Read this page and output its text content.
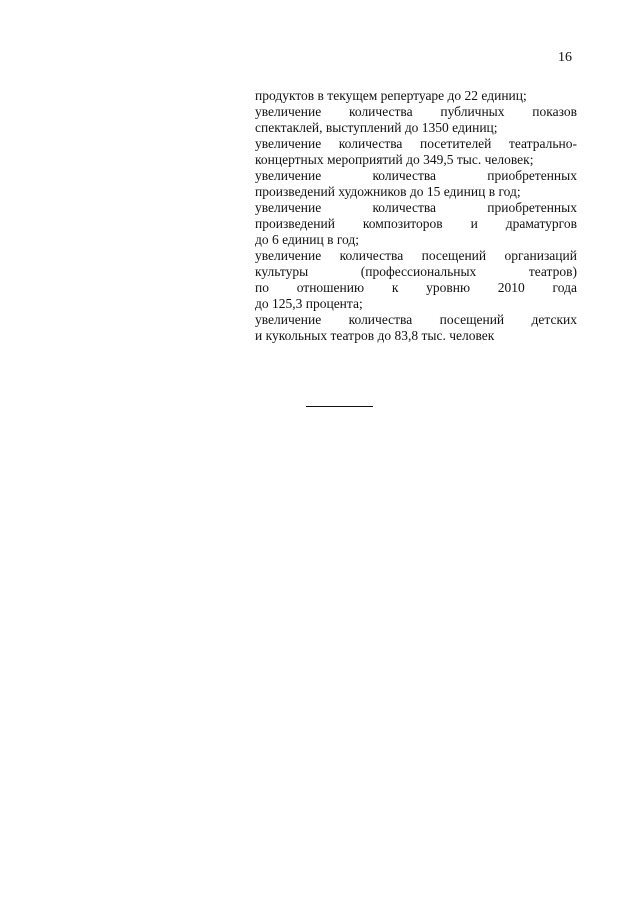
16
продуктов в текущем репертуаре до 22 единиц;
увеличение количества публичных показов
спектаклей, выступлений до 1350 единиц;
увеличение количества посетителей театрально-
концертных мероприятий до 349,5 тыс. человек;
увеличение	количества	приобретенных
произведений художников до 15 единиц в год;
увеличение	количества	приобретенных
произведений композиторов и драматургов
до 6 единиц в год;
увеличение количества посещений организаций
культуры	(профессиональных	театров)
по отношению к уровню 2010 года
до 125,3 процента;
увеличение количества посещений детских
и кукольных театров до 83,8 тыс. человек
